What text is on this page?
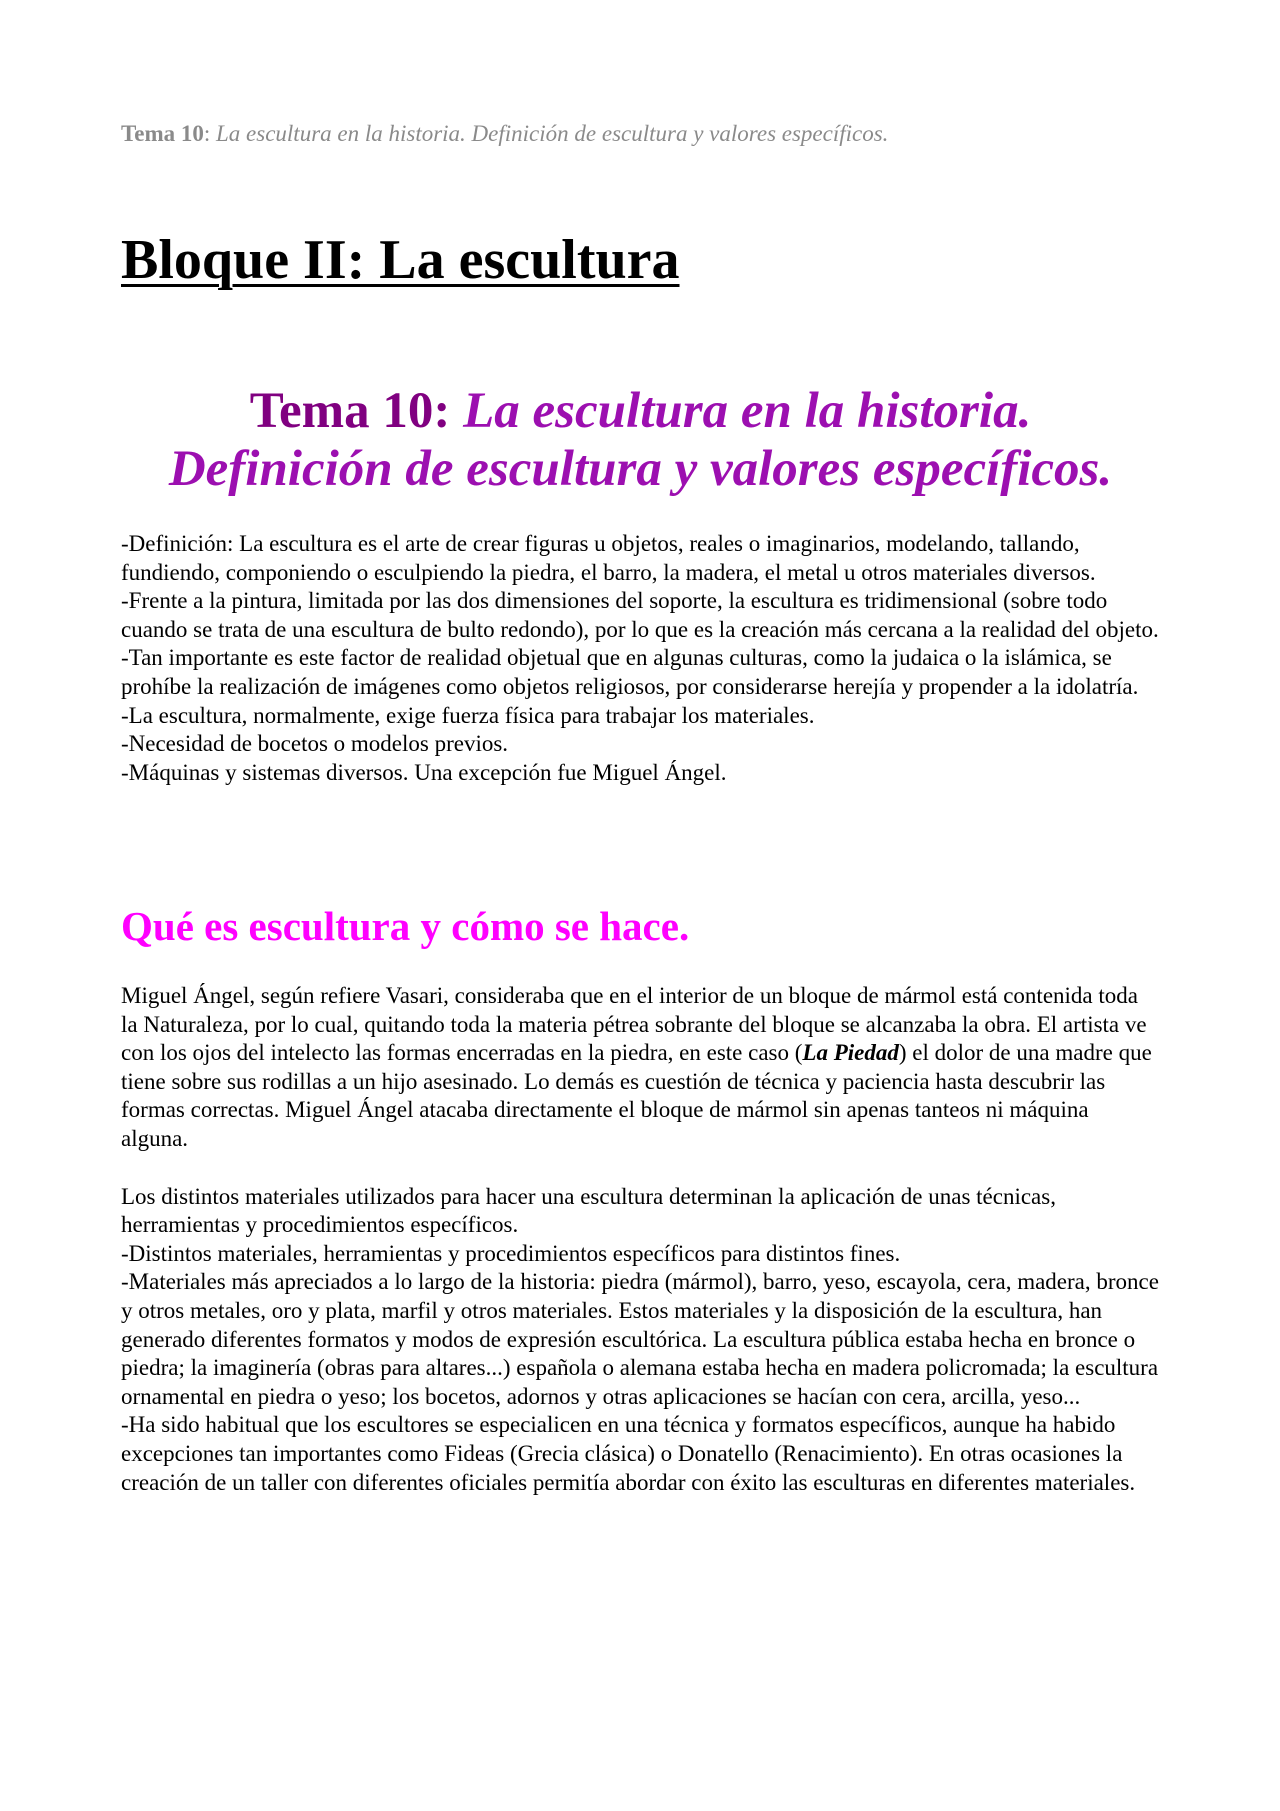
Tema 10: La escultura en la historia. Definición de escultura y valores específicos.
Bloque II: La escultura
Tema 10: La escultura en la historia.
Definición de escultura y valores específicos.

-Definición: La escultura es el arte de crear figuras u objetos, reales o imaginarios, modelando, tallando, fundiendo, componiendo o esculpiendo la piedra, el barro, la madera, el metal u otros materiales diversos.

-Frente a la pintura, limitada por las dos dimensiones del soporte, la escultura es tridimensional (sobre todo cuando se trata de una escultura de bulto redondo), por lo que es la creación más cercana a la realidad del objeto.

-Tan importante es este factor de realidad objetual que en algunas culturas, como la judaica o la islámica, se prohíbe la realización de imágenes como objetos religiosos, por considerarse herejía y propender a la idolatría.

-La escultura, normalmente, exige fuerza física para trabajar los materiales.

-Necesidad de bocetos o modelos previos.

-Máquinas y sistemas diversos. Una excepción fue Miguel Ángel.

Qué es escultura y cómo se hace.

Miguel Ángel, según refiere Vasari, consideraba que en el interior de un bloque de mármol está contenida toda la Naturaleza, por lo cual, quitando toda la materia pétrea sobrante del bloque se alcanzaba la obra. El artista ve con los ojos del intelecto las formas encerradas en la piedra, en este caso (La Piedad) el dolor de una madre que tiene sobre sus rodillas a un hijo asesinado. Lo demás es cuestión de técnica y paciencia hasta descubrir las formas correctas. Miguel Ángel atacaba directamente el bloque de mármol sin apenas tanteos ni máquina alguna.

Los distintos materiales utilizados para hacer una escultura determinan la aplicación de unas técnicas, herramientas y procedimientos específicos.

-Distintos materiales, herramientas y procedimientos específicos para distintos fines.

-Materiales más apreciados a lo largo de la historia: piedra (mármol), barro, yeso, escayola, cera, madera, bronce y otros metales, oro y plata, marfil y otros materiales. Estos materiales y la disposición de la escultura, han generado diferentes formatos y modos de expresión escultórica. La escultura pública estaba hecha en bronce o piedra; la imaginería (obras para altares...) española o alemana estaba hecha en madera policromada; la escultura ornamental en piedra o yeso; los bocetos, adornos y otras aplicaciones se hacían con cera, arcilla, yeso...

-Ha sido habitual que los escultores se especialicen en una técnica y formatos específicos, aunque ha habido excepciones tan importantes como Fideas (Grecia clásica) o Donatello (Renacimiento). En otras ocasiones la creación de un taller con diferentes oficiales permitía abordar con éxito las esculturas en diferentes materiales.
